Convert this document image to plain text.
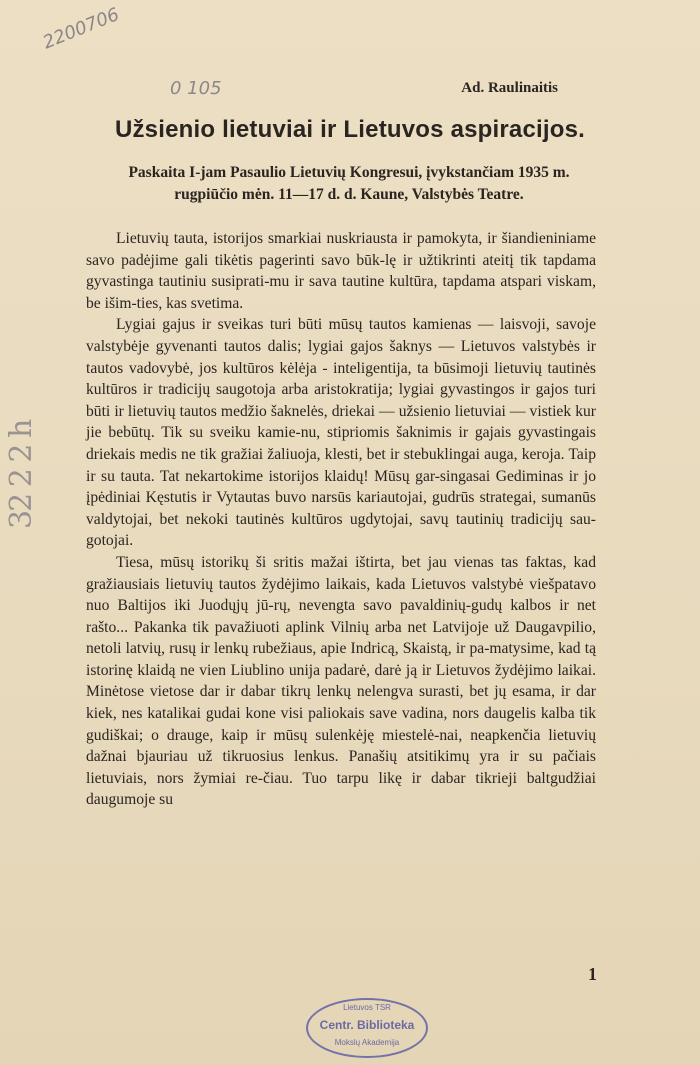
2200706
0 105
32 2 2 h
Ad. Raulinaitis
Užsienio lietuviai ir Lietuvos aspiracijos.
Paskaita I-jam Pasaulio Lietuvių Kongresui, įvykstančiam 1935 m. rugpiūčio mėn. 11—17 d. d. Kaune, Valstybės Teatre.

Lietuvių tauta, istorijos smarkiai nuskriausta ir pamokyta, ir šiandieniniame savo padėjime gali tikėtis pagerinti savo būk-lę ir užtikrinti ateitį tik tapdama gyvastinga tautiniu susiprati-mu ir sava tautine kultūra, tapdama atspari viskam, be išim-ties, kas svetima.

Lygiai gajus ir sveikas turi būti mūsų tautos kamienas — laisvoji, savoje valstybėje gyvenanti tautos dalis; lygiai gajos šaknys — Lietuvos valstybės ir tautos vadovybė, jos kultūros kėlėja - inteligentija, ta būsimoji lietuvių tautinės kultūros ir tradicijų saugotoja arba aristokratija; lygiai gyvastingos ir gajos turi būti ir lietuvių tautos medžio šaknelės, driekai — užsienio lietuviai — vistiek kur jie bebūtų. Tik su sveiku kamie-nu, stipriomis šaknimis ir gajais gyvastingais driekais medis ne tik gražiai žaliuoja, klesti, bet ir stebuklingai auga, keroja. Taip ir su tauta. Tat nekartokime istorijos klaidų! Mūsų gar-singasai Gediminas ir jo įpėdiniai Kęstutis ir Vytautas buvo narsūs kariautojai, gudrūs strategai, sumanūs valdytojai, bet nekoki tautinės kultūros ugdytojai, savų tautinių tradicijų sau-gotojai.

Tiesa, mūsų istorikų ši sritis mažai ištirta, bet jau vienas tas faktas, kad gražiausiais lietuvių tautos žydėjimo laikais, kada Lietuvos valstybė viešpatavo nuo Baltijos iki Juodųjų jū-rų, nevengta savo pavaldinių-gudų kalbos ir net rašto... Pakanka tik pavažiuoti aplink Vilnių arba net Latvijoje už Daugavpilio, netoli latvių, rusų ir lenkų rubežiaus, apie Indricą, Skaistą, ir pa-matysime, kad tą istorinę klaidą ne vien Liublino unija padarė, darė ją ir Lietuvos žydėjimo laikai. Minėtose vietose dar ir dabar tikrų lenkų nelengva surasti, bet jų esama, ir dar kiek, nes katalikai gudai kone visi paliokais save vadina, nors daugelis kalba tik gudiškai; o drauge, kaip ir mūsų sulenkėję miestelė-nai, neapkenčia lietuvių dažnai bjauriau už tikruosius lenkus. Panašių atsitikimų yra ir su pačiais lietuviais, nors žymiai re-čiau. Tuo tarpu likę ir dabar tikrieji baltgudžiai daugumoje su

1
Lietuvos TSR
Centr. Biblioteka
Mokslų Akademija
